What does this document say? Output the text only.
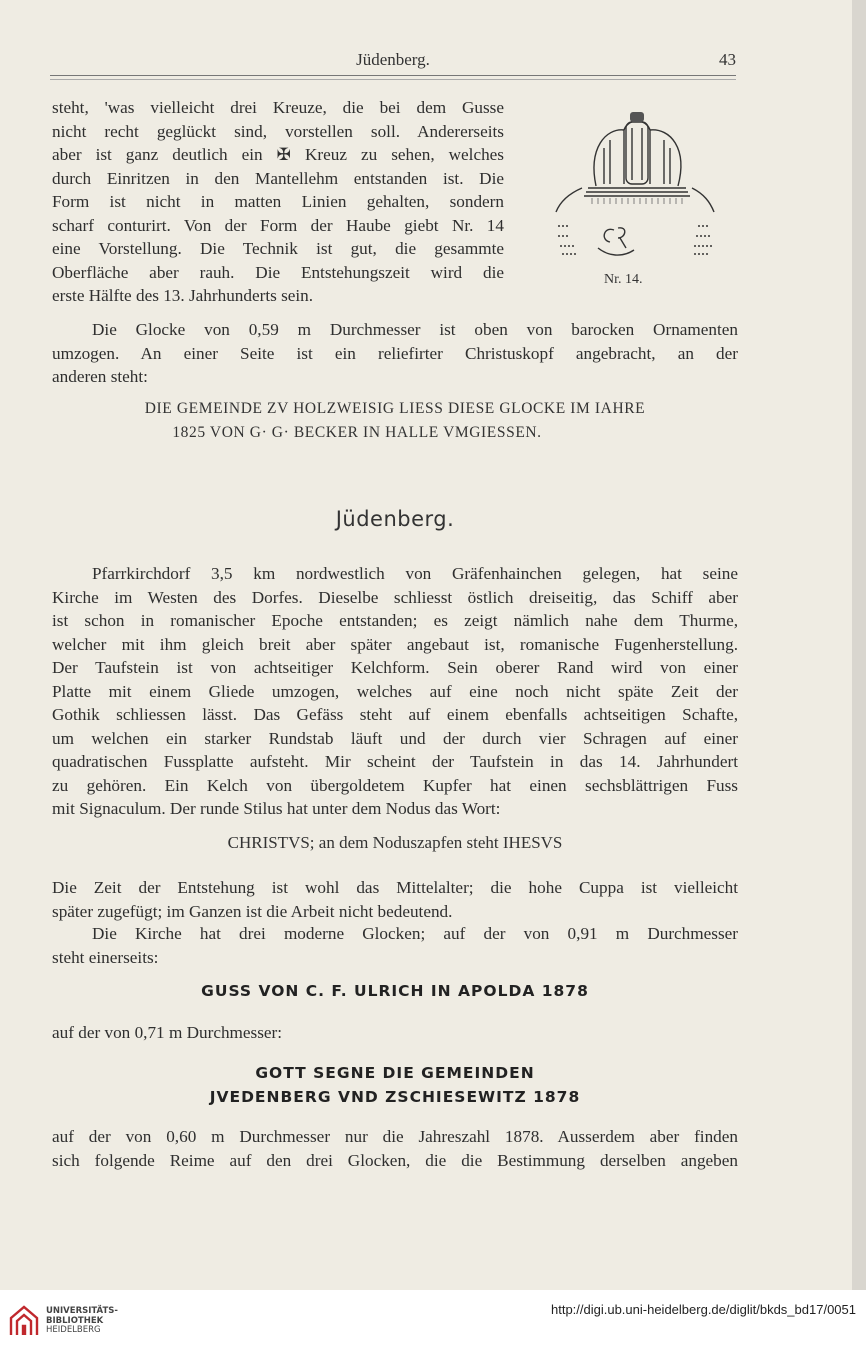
Jüdenberg.	43
steht, 'was vielleicht drei Kreuze, die bei dem Gusse
nicht recht geglückt sind, vorstellen soll. Andererseits
aber ist ganz deutlich ein ✠ Kreuz zu sehen, welches
durch Einritzen in den Mantellehm entstanden ist. Die
Form ist nicht in matten Linien gehalten, sondern
scharf conturirt. Von der Form der Haube giebt Nr. 14
eine Vorstellung. Die Technik ist gut, die gesammte
Oberfläche aber rauh. Die Entstehungszeit wird die
erste Hälfte des 13. Jahrhunderts sein.
Nr. 14.
Die Glocke von 0,59 m Durchmesser ist oben von barocken Ornamenten
umzogen. An einer Seite ist ein reliefirter Christuskopf angebracht, an der
anderen steht:
DIE GEMEINDE ZV HOLZWEISIG LIESS DIESE GLOCKE IM IAHRE
1825 VON G· G· BECKER IN HALLE VMGIESSEN.
Jüdenberg.
Pfarrkirchdorf 3,5 km nordwestlich von Gräfenhainchen gelegen, hat seine
Kirche im Westen des Dorfes. Dieselbe schliesst östlich dreiseitig, das Schiff aber
ist schon in romanischer Epoche entstanden; es zeigt nämlich nahe dem Thurme,
welcher mit ihm gleich breit aber später angebaut ist, romanische Fugenherstellung.
Der Taufstein ist von achtseitiger Kelchform. Sein oberer Rand wird von einer
Platte mit einem Gliede umzogen, welches auf eine noch nicht späte Zeit der
Gothik schliessen lässt. Das Gefäss steht auf einem ebenfalls achtseitigen Schafte,
um welchen ein starker Rundstab läuft und der durch vier Schragen auf einer
quadratischen Fussplatte aufsteht. Mir scheint der Taufstein in das 14. Jahrhundert
zu gehören. Ein Kelch von übergoldetem Kupfer hat einen sechsblättrigen Fuss
mit Signaculum. Der runde Stilus hat unter dem Nodus das Wort:
CHRISTVS; an dem Noduszapfen steht IHESVS
Die Zeit der Entstehung ist wohl das Mittelalter; die hohe Cuppa ist vielleicht
später zugefügt; im Ganzen ist die Arbeit nicht bedeutend.
Die Kirche hat drei moderne Glocken; auf der von 0,91 m Durchmesser
steht einerseits:
GUSS VON C. F. ULRICH IN APOLDA 1878
auf der von 0,71 m Durchmesser:
GOTT SEGNE DIE GEMEINDEN
JVEDENBERG VND ZSCHIESEWITZ 1878
auf der von 0,60 m Durchmesser nur die Jahreszahl 1878. Ausserdem aber finden
sich folgende Reime auf den drei Glocken, die die Bestimmung derselben angeben
UNIVERSITÄTS-
BIBLIOTHEK
HEIDELBERG
http://digi.ub.uni-heidelberg.de/diglit/bkds_bd17/0051
